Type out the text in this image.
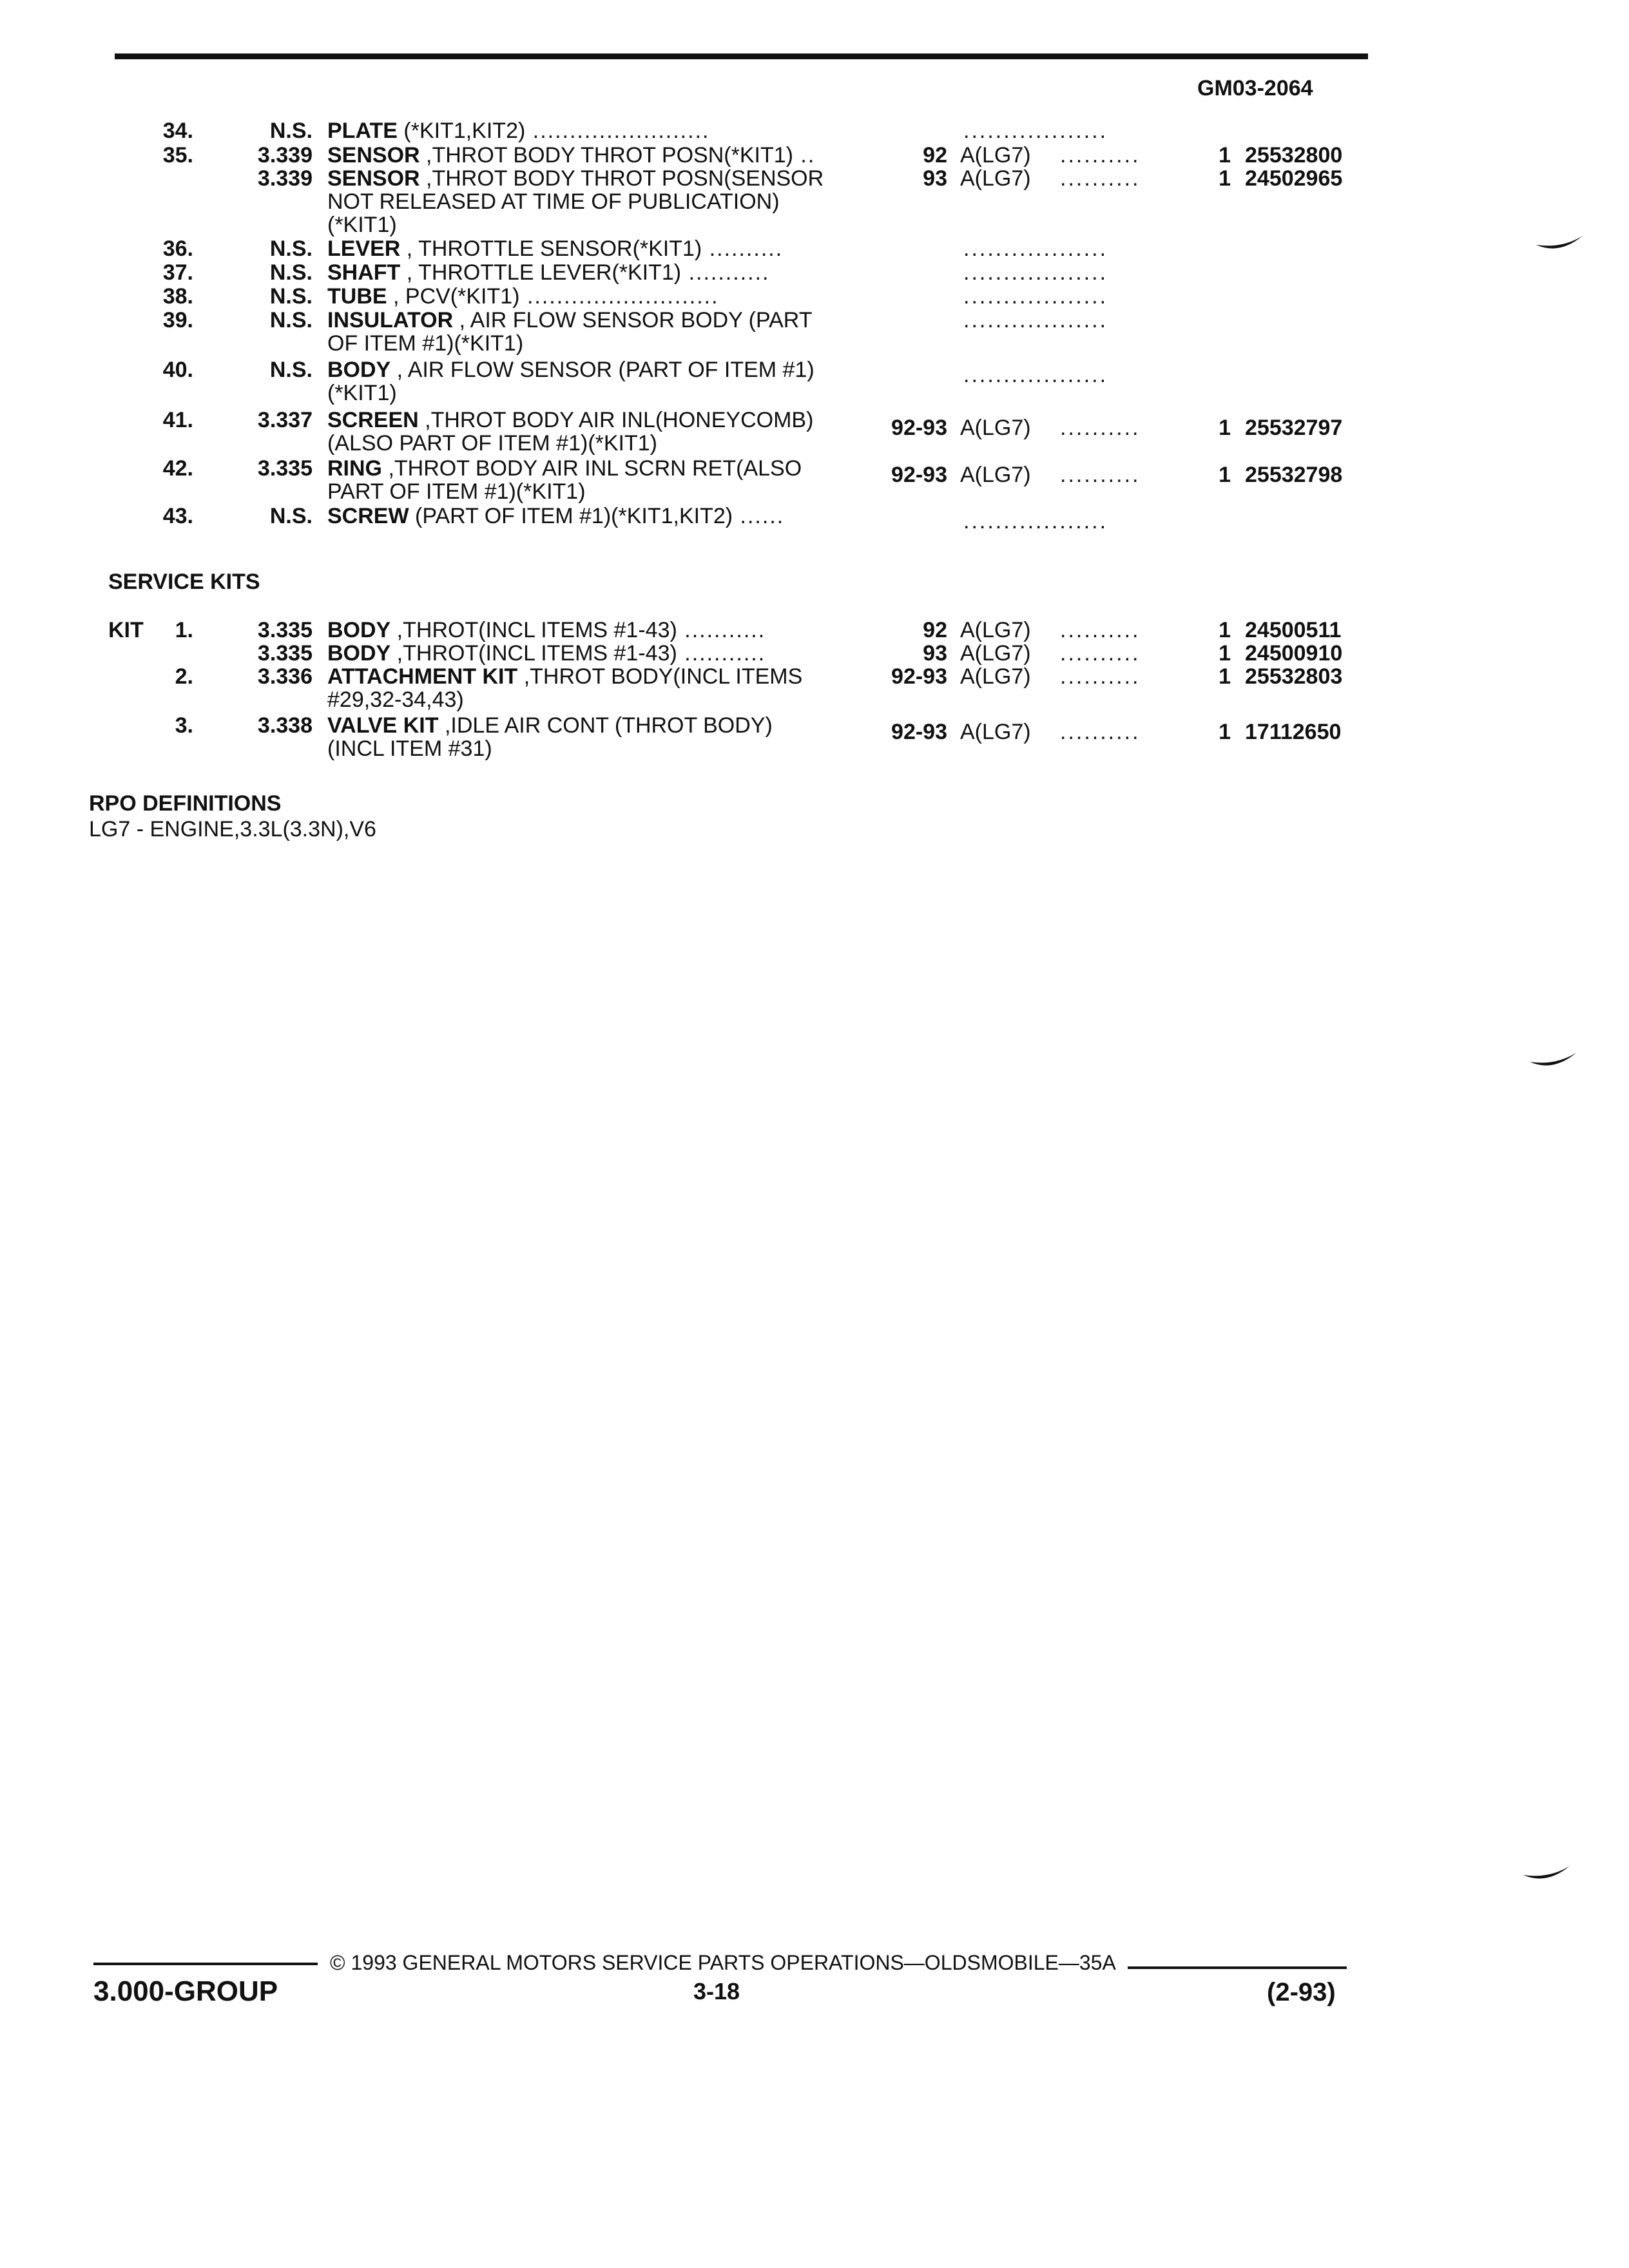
GM03-2064
34.	N.S. PLATE (*KIT1,KIT2) ........................	..................
35.	3.339 SENSOR ,THROT BODY THROT POSN(*KIT1) ..	92 A(LG7) ..........	1 25532800
3.339 SENSOR ,THROT BODY THROT POSN(SENSOR	93 A(LG7) ..........	1 24502965
NOT RELEASED AT TIME OF PUBLICATION)
(*KIT1)
36.	N.S. LEVER , THROTTLE SENSOR(*KIT1) ..........	..................
37.	N.S. SHAFT , THROTTLE LEVER(*KIT1) ...........	..................
38.	N.S. TUBE , PCV(*KIT1) ..........................	..................
39.	N.S. INSULATOR , AIR FLOW SENSOR BODY (PART	..................
OF ITEM #1)(*KIT1)
40.	N.S. BODY , AIR FLOW SENSOR (PART OF ITEM #1)	..................
(*KIT1)
41.	3.337 SCREEN ,THROT BODY AIR INL(HONEYCOMB)	92-93 A(LG7) ..........	1 25532797
(ALSO PART OF ITEM #1)(*KIT1)
42.	3.335 RING ,THROT BODY AIR INL SCRN RET(ALSO	92-93 A(LG7) ..........	1 25532798
PART OF ITEM #1)(*KIT1)
43.	N.S. SCREW (PART OF ITEM #1)(*KIT1,KIT2) ......	..................
SERVICE KITS
KIT	1.	3.335 BODY ,THROT(INCL ITEMS #1-43) ...........	92 A(LG7) ..........	1 24500511
3.335 BODY ,THROT(INCL ITEMS #1-43) ...........	93 A(LG7) ..........	1 24500910
2.	3.336 ATTACHMENT KIT ,THROT BODY(INCL ITEMS	92-93 A(LG7) ..........	1 25532803
#29,32-34,43)
3.	3.338 VALVE KIT ,IDLE AIR CONT (THROT BODY)	92-93 A(LG7) ..........	1 17112650
(INCL ITEM #31)
RPO DEFINITIONS
LG7 - ENGINE,3.3L(3.3N),V6
© 1993 GENERAL MOTORS SERVICE PARTS OPERATIONS—OLDSMOBILE—35A
3.000-GROUP	3-18	(2-93)
